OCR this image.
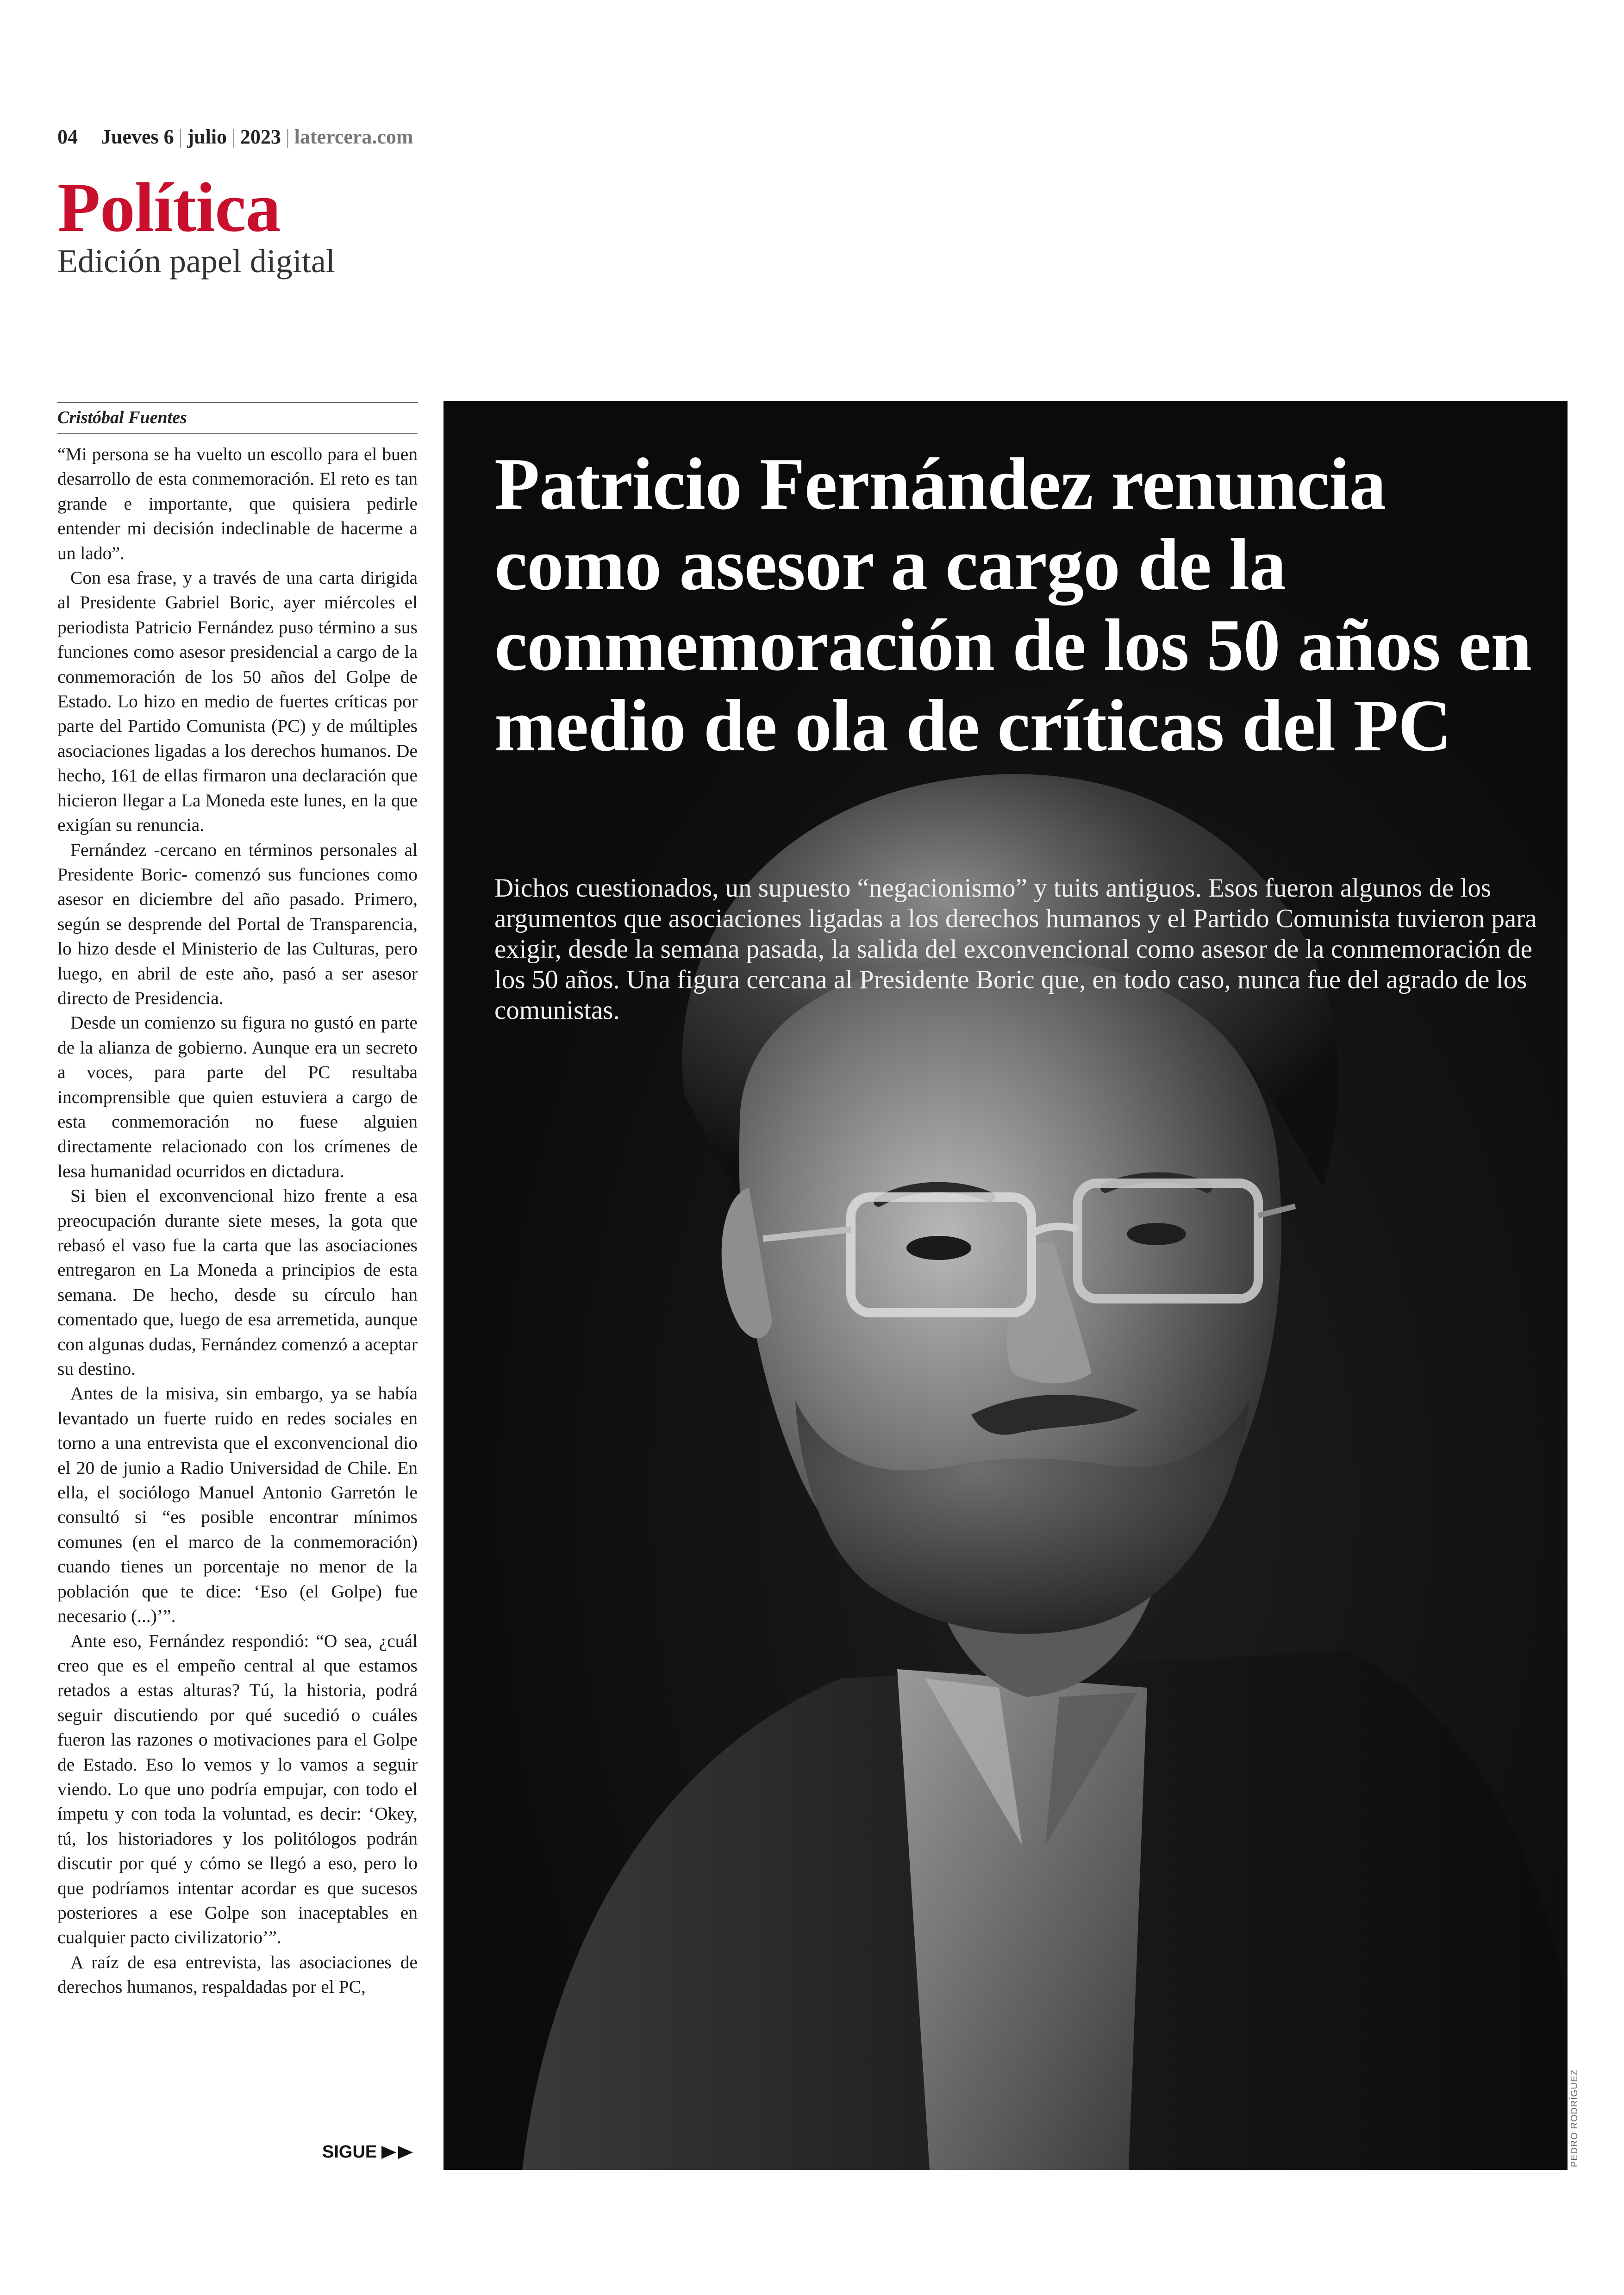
04 Jueves 6 | julio | 2023 | latercera.com
Política
Edición papel digital
Cristóbal Fuentes

“Mi persona se ha vuelto un escollo para el buen desarrollo de esta conmemoración. El reto es tan grande e importante, que quisiera pedirle entender mi decisión indeclinable de hacerme a un lado”.

Con esa frase, y a través de una carta dirigida al Presidente Gabriel Boric, ayer miércoles el periodista Patricio Fernández puso término a sus funciones como asesor presidencial a cargo de la conmemoración de los 50 años del Golpe de Estado. Lo hizo en medio de fuertes críticas por parte del Partido Comunista (PC) y de múltiples asociaciones ligadas a los derechos humanos. De hecho, 161 de ellas firmaron una declaración que hicieron llegar a La Moneda este lunes, en la que exigían su renuncia.

Fernández -cercano en términos personales al Presidente Boric- comenzó sus funciones como asesor en diciembre del año pasado. Primero, según se desprende del Portal de Transparencia, lo hizo desde el Ministerio de las Culturas, pero luego, en abril de este año, pasó a ser asesor directo de Presidencia.

Desde un comienzo su figura no gustó en parte de la alianza de gobierno. Aunque era un secreto a voces, para parte del PC resultaba incomprensible que quien estuviera a cargo de esta conmemoración no fuese alguien directamente relacionado con los crímenes de lesa humanidad ocurridos en dictadura.

Si bien el exconvencional hizo frente a esa preocupación durante siete meses, la gota que rebasó el vaso fue la carta que las asociaciones entregaron en La Moneda a principios de esta semana. De hecho, desde su círculo han comentado que, luego de esa arremetida, aunque con algunas dudas, Fernández comenzó a aceptar su destino.

Antes de la misiva, sin embargo, ya se había levantado un fuerte ruido en redes sociales en torno a una entrevista que el exconvencional dio el 20 de junio a Radio Universidad de Chile. En ella, el sociólogo Manuel Antonio Garretón le consultó si “es posible encontrar mínimos comunes (en el marco de la conmemoración) cuando tienes un porcentaje no menor de la población que te dice: ‘Eso (el Golpe) fue necesario (...)’”.

Ante eso, Fernández respondió: “O sea, ¿cuál creo que es el empeño central al que estamos retados a estas alturas? Tú, la historia, podrá seguir discutiendo por qué sucedió o cuáles fueron las razones o motivaciones para el Golpe de Estado. Eso lo vemos y lo vamos a seguir viendo. Lo que uno podría empujar, con todo el ímpetu y con toda la voluntad, es decir: ‘Okey, tú, los historiadores y los politólogos podrán discutir por qué y cómo se llegó a eso, pero lo que podríamos intentar acordar es que sucesos posteriores a ese Golpe son inaceptables en cualquier pacto civilizatorio’”.

A raíz de esa entrevista, las asociaciones de derechos humanos, respaldadas por el PC,

SIGUE
Patricio Fernández renuncia como asesor a cargo de la conmemoración de los 50 años en medio de ola de críticas del PC
Dichos cuestionados, un supuesto “negacionismo” y tuits antiguos. Esos fueron algunos de los argumentos que asociaciones ligadas a los derechos humanos y el Partido Comunista tuvieron para exigir, desde la semana pasada, la salida del exconvencional como asesor de la conmemoración de los 50 años. Una figura cercana al Presidente Boric que, en todo caso, nunca fue del agrado de los comunistas.
PEDRO RODRÍGUEZ
